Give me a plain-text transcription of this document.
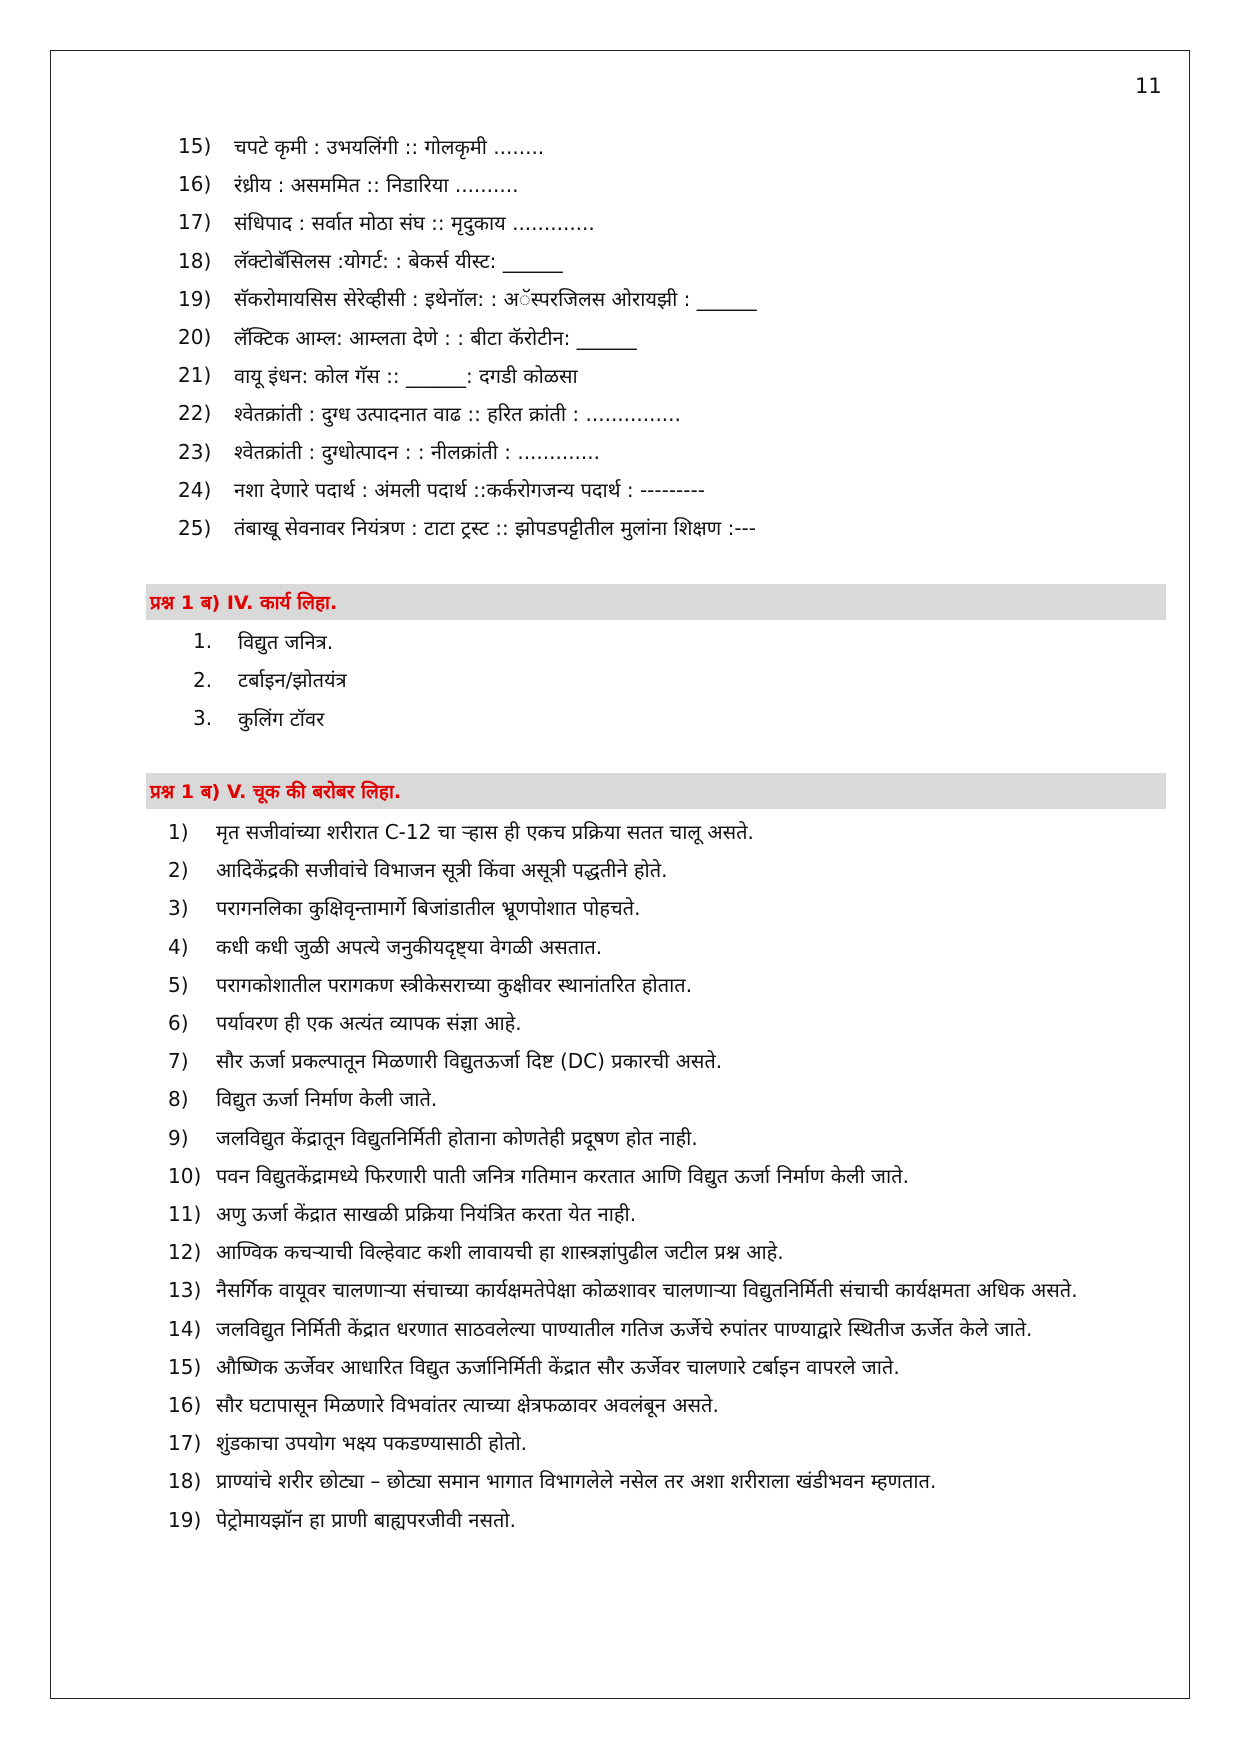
11
15)	चपटे कृमी : उभयलिंगी :: गोलकृमी ........
16)	रंध्रीय : असममित :: निडारिया ..........
17)	संधिपाद : सर्वात मोठा संघ :: मृदुकाय .............
18)	लॅक्टोबॅसिलस :योगर्ट: : बेकर्स यीस्ट: ______
19)	सॅकरोमायसिस सेरेव्हीसी : इथेनॉल: : अॅस्परजिलस ओरायझी : ______
20)	लॅक्टिक आम्ल: आम्लता देणे : : बीटा कॅरोटीन: ______
21)	वायू इंधन: कोल गॅस :: ______: दगडी कोळसा
22)	श्वेतक्रांती : दुग्ध उत्पादनात वाढ :: हरित क्रांती : ...............
23)	श्वेतक्रांती : दुग्धोत्पादन : : नीलक्रांती : .............
24)	नशा देणारे पदार्थ : अंमली पदार्थ ::कर्करोगजन्य पदार्थ : ---------
25)	तंबाखू सेवनावर नियंत्रण : टाटा ट्रस्ट :: झोपडपट्टीतील मुलांना शिक्षण :---
प्रश्न 1 ब) IV. कार्य लिहा.
1.	विद्युत जनित्र.
2.	टर्बाइन/झोतयंत्र
3.	कुलिंग टॉवर
प्रश्न 1 ब) V. चूक की बरोबर लिहा.
1)	मृत सजीवांच्या शरीरात C-12 चा ऱ्हास ही एकच प्रक्रिया सतत चालू असते.
2)	आदिकेंद्रकी सजीवांचे विभाजन सूत्री किंवा असूत्री पद्धतीने होते.
3)	परागनलिका कुक्षिवृन्तामार्गे बिजांडातील भ्रूणपोशात पोहचते.
4)	कधी कधी जुळी अपत्ये जनुकीयदृष्ट्या वेगळी असतात.
5)	परागकोशातील परागकण स्त्रीकेसराच्या कुक्षीवर स्थानांतरित होतात.
6)	पर्यावरण ही एक अत्यंत व्यापक संज्ञा आहे.
7)	सौर ऊर्जा प्रकल्पातून मिळणारी विद्युतऊर्जा दिष्ट (DC) प्रकारची असते.
8)	विद्युत ऊर्जा निर्माण केली जाते.
9)	जलविद्युत केंद्रातून विद्युतनिर्मिती होताना कोणतेही प्रदूषण होत नाही.
10) पवन विद्युतकेंद्रामध्ये फिरणारी पाती जनित्र गतिमान करतात आणि विद्युत ऊर्जा निर्माण केली जाते.
11) अणु ऊर्जा केंद्रात साखळी प्रक्रिया नियंत्रित करता येत नाही.
12) आण्विक कचऱ्याची विल्हेवाट कशी लावायची हा शास्त्रज्ञांपुढील जटील प्रश्न आहे.
13) नैसर्गिक वायूवर चालणाऱ्या संचाच्या कार्यक्षमतेपेक्षा कोळशावर चालणाऱ्या विद्युतनिर्मिती संचाची कार्यक्षमता अधिक असते.
14) जलविद्युत निर्मिती केंद्रात धरणात साठवलेल्या पाण्यातील गतिज ऊर्जेचे रुपांतर पाण्याद्वारे स्थितीज ऊर्जेत केले जाते.
15) औष्णिक ऊर्जेवर आधारित विद्युत ऊर्जानिर्मिती केंद्रात सौर ऊर्जेवर चालणारे टर्बाइन वापरले जाते.
16) सौर घटापासून मिळणारे विभवांतर त्याच्या क्षेत्रफळावर अवलंबून असते.
17) शुंडकाचा उपयोग भक्ष्य पकडण्यासाठी होतो.
18) प्राण्यांचे शरीर छोट्या – छोट्या समान भागात विभागलेले नसेल तर अशा शरीराला खंडीभवन म्हणतात.
19) पेट्रोमायझॉन हा प्राणी बाह्यपरजीवी नसतो.
